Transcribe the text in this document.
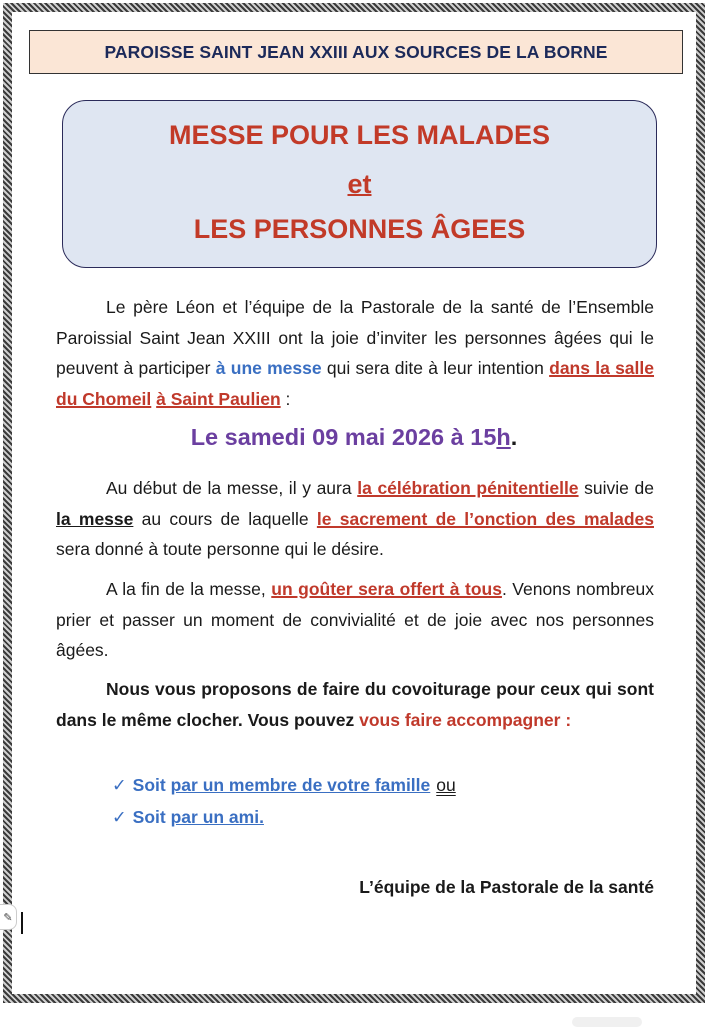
PAROISSE SAINT JEAN XXIII AUX SOURCES DE LA BORNE
MESSE POUR LES MALADES
et
LES PERSONNES ÂGEES
Le père Léon et l’équipe de la Pastorale de la santé de l’Ensemble Paroissial Saint Jean XXIII ont la joie d’inviter les personnes âgées qui le peuvent à participer à une messe qui sera dite à leur intention dans la salle du Chomeil à Saint Paulien :
Le samedi 09 mai 2026 à 15h.
Au début de la messe, il y aura la célébration pénitentielle suivie de la messe au cours de laquelle le sacrement de l’onction des malades sera donné à toute personne qui le désire.
A la fin de la messe, un goûter sera offert à tous. Venons nombreux prier et passer un moment de convivialité et de joie avec nos personnes âgées.
Nous vous proposons de faire du covoiturage pour ceux qui sont dans le même clocher. Vous pouvez vous faire accompagner :
✓ Soit par un membre de votre famille ou
✓ Soit par un ami.
L’équipe de la Pastorale de la santé
✎
